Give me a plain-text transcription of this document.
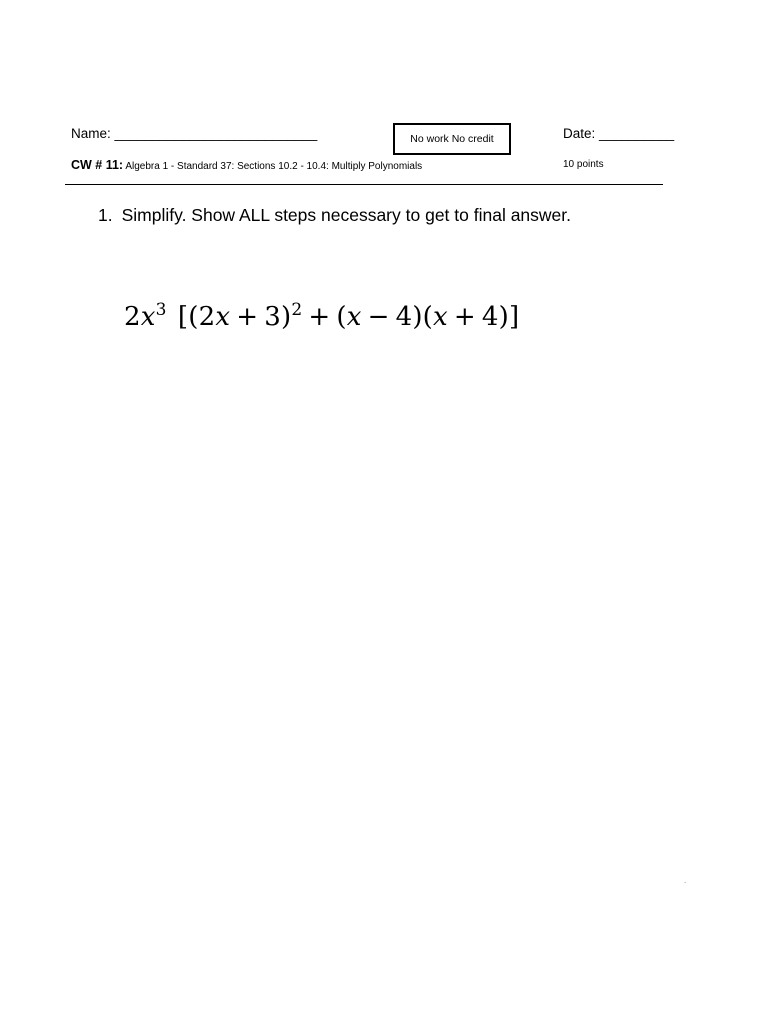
Name: ___________________________	No work No credit	Date: __________
CW # 11: Algebra 1 - Standard 37: Sections 10.2 - 10.4: Multiply Polynomials	10 points
1. Simplify. Show ALL steps necessary to get to final answer.
$2x^3$  $[(2x + 3)^2 + (x - 4)(x + 4)]$
.
